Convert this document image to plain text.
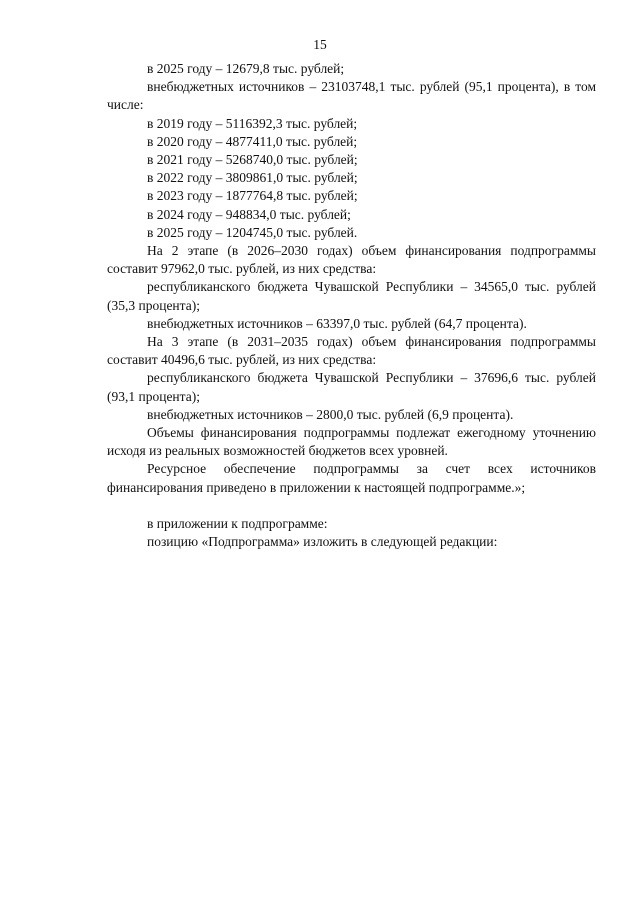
15

в 2025 году – 12679,8 тыс. рублей;

внебюджетных источников – 23103748,1 тыс. рублей (95,1 процента), в том числе:

в 2019 году – 5116392,3 тыс. рублей;

в 2020 году – 4877411,0 тыс. рублей;

в 2021 году – 5268740,0 тыс. рублей;

в 2022 году – 3809861,0 тыс. рублей;

в 2023 году – 1877764,8 тыс. рублей;

в 2024 году – 948834,0 тыс. рублей;

в 2025 году – 1204745,0 тыс. рублей.

На 2 этапе (в 2026–2030 годах) объем финансирования подпрограммы составит 97962,0 тыс. рублей, из них средства:

республиканского бюджета Чувашской Республики – 34565,0 тыс. рублей (35,3 процента);

внебюджетных источников – 63397,0 тыс. рублей (64,7 процента).

На 3 этапе (в 2031–2035 годах) объем финансирования подпрограммы составит 40496,6 тыс. рублей, из них средства:

республиканского бюджета Чувашской Республики – 37696,6 тыс. рублей (93,1 процента);

внебюджетных источников – 2800,0 тыс. рублей (6,9 процента).

Объемы финансирования подпрограммы подлежат ежегодному уточнению исходя из реальных возможностей бюджетов всех уровней.

Ресурсное обеспечение подпрограммы за счет всех источников финансирования приведено в приложении к настоящей подпрограмме.»;

в приложении к подпрограмме:

позицию «Подпрограмма» изложить в следующей редакции:
